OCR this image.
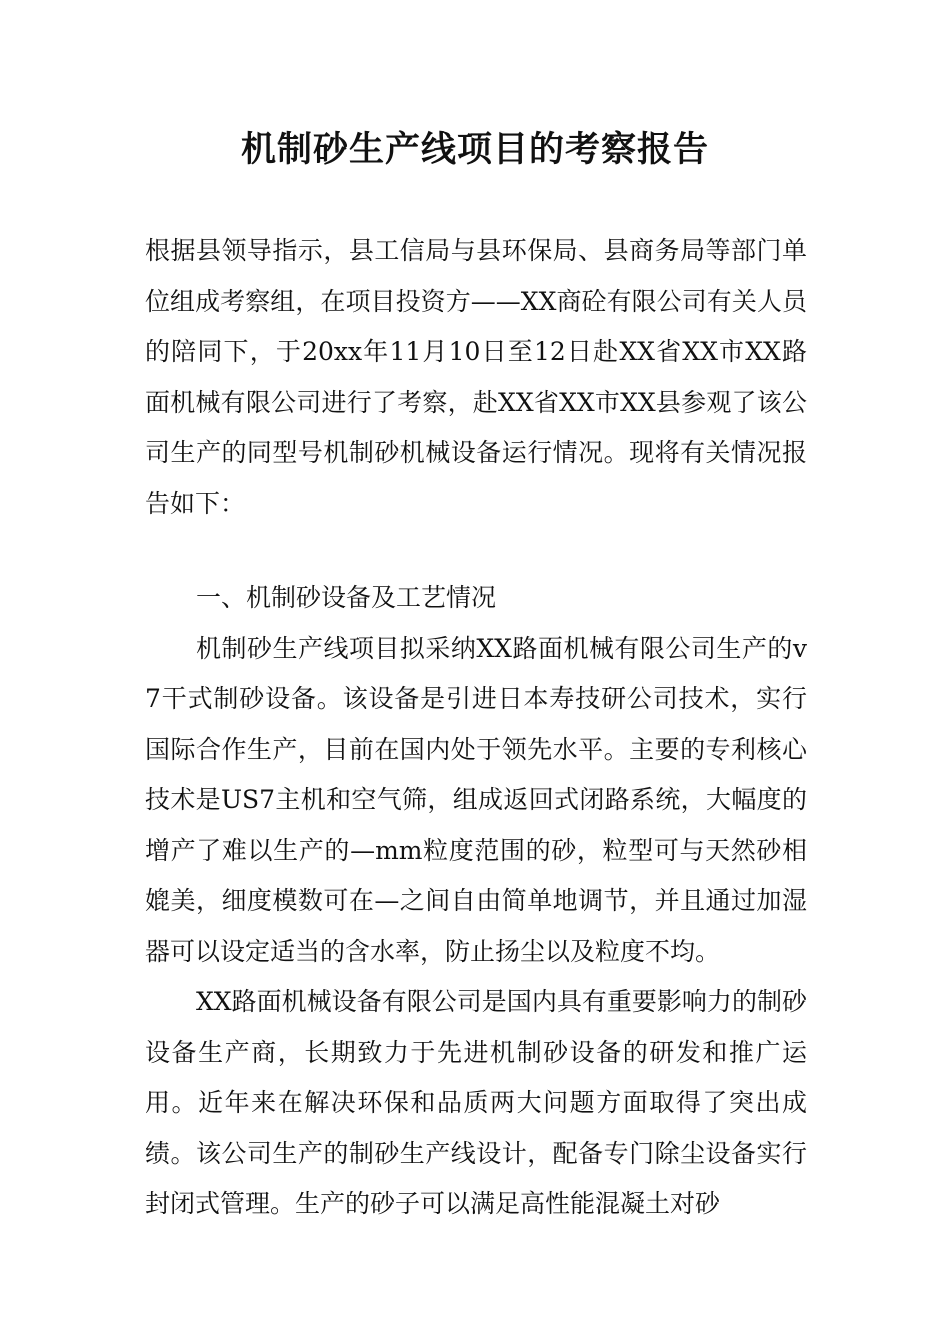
机制砂生产线项目的考察报告

根据县领导指示，县工信局与县环保局、县商务局等部门单位组成考察组，在项目投资方——XX商砼有限公司有关人员的陪同下，于20xx年11月10日至12日赴XX省XX市XX路面机械有限公司进行了考察，赴XX省XX市XX县参观了该公司生产的同型号机制砂机械设备运行情况。现将有关情况报告如下：

一、机制砂设备及工艺情况

机制砂生产线项目拟采纳XX路面机械有限公司生产的v7干式制砂设备。该设备是引进日本寿技研公司技术，实行国际合作生产，目前在国内处于领先水平。主要的专利核心技术是US7主机和空气筛，组成返回式闭路系统，大幅度的增产了难以生产的—mm粒度范围的砂，粒型可与天然砂相媲美，细度模数可在—之间自由简单地调节，并且通过加湿器可以设定适当的含水率，防止扬尘以及粒度不均。

XX路面机械设备有限公司是国内具有重要影响力的制砂设备生产商，长期致力于先进机制砂设备的研发和推广运用。近年来在解决环保和品质两大问题方面取得了突出成绩。该公司生产的制砂生产线设计，配备专门除尘设备实行封闭式管理。生产的砂子可以满足高性能混凝土对砂
